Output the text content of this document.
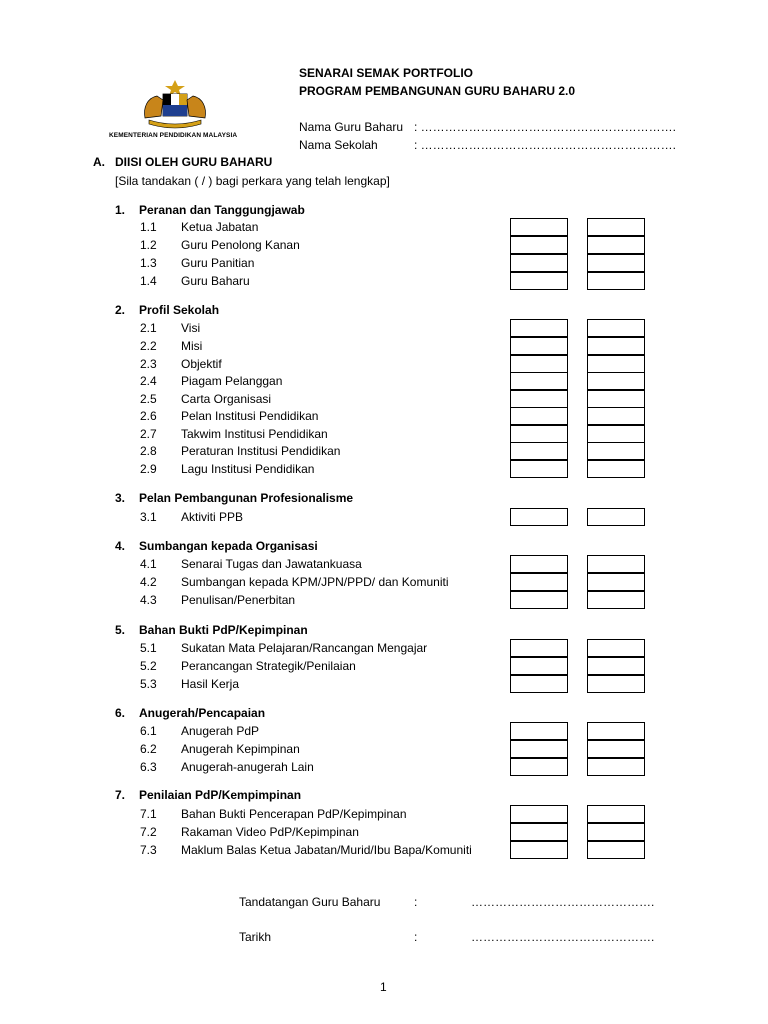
KEMENTERIAN PENDIDIKAN MALAYSIA
SENARAI SEMAK PORTFOLIO
PROGRAM PEMBANGUNAN GURU BAHARU 2.0
Nama Guru Baharu : ……………………………………………………….
Nama Sekolah	: ……………………………………………………….
A. DIISI OLEH GURU BAHARU
[Sila tandakan ( / ) bagi perkara yang telah lengkap]
1. Peranan dan Tanggungjawab
1.1 Ketua Jabatan
1.2 Guru Penolong Kanan
1.3 Guru Panitian
1.4 Guru Baharu
2. Profil Sekolah
2.1 Visi
2.2 Misi
2.3 Objektif
2.4 Piagam Pelanggan
2.5 Carta Organisasi
2.6 Pelan Institusi Pendidikan
2.7 Takwim Institusi Pendidikan
2.8 Peraturan Institusi Pendidikan
2.9 Lagu Institusi Pendidikan
3. Pelan Pembangunan Profesionalisme
3.1 Aktiviti PPB
4. Sumbangan kepada Organisasi
4.1 Senarai Tugas dan Jawatankuasa
4.2 Sumbangan kepada KPM/JPN/PPD/ dan Komuniti
4.3 Penulisan/Penerbitan
5. Bahan Bukti PdP/Kepimpinan
5.1 Sukatan Mata Pelajaran/Rancangan Mengajar
5.2 Perancangan Strategik/Penilaian
5.3 Hasil Kerja
6. Anugerah/Pencapaian
6.1 Anugerah PdP
6.2 Anugerah Kepimpinan
6.3 Anugerah-anugerah Lain
7. Penilaian PdP/Kempimpinan
7.1 Bahan Bukti Pencerapan PdP/Kepimpinan
7.2 Rakaman Video PdP/Kepimpinan
7.3 Maklum Balas Ketua Jabatan/Murid/Ibu Bapa/Komuniti
Tandatangan Guru Baharu	:	……………………………………….
Tarikh	:	……………………………………….
1
